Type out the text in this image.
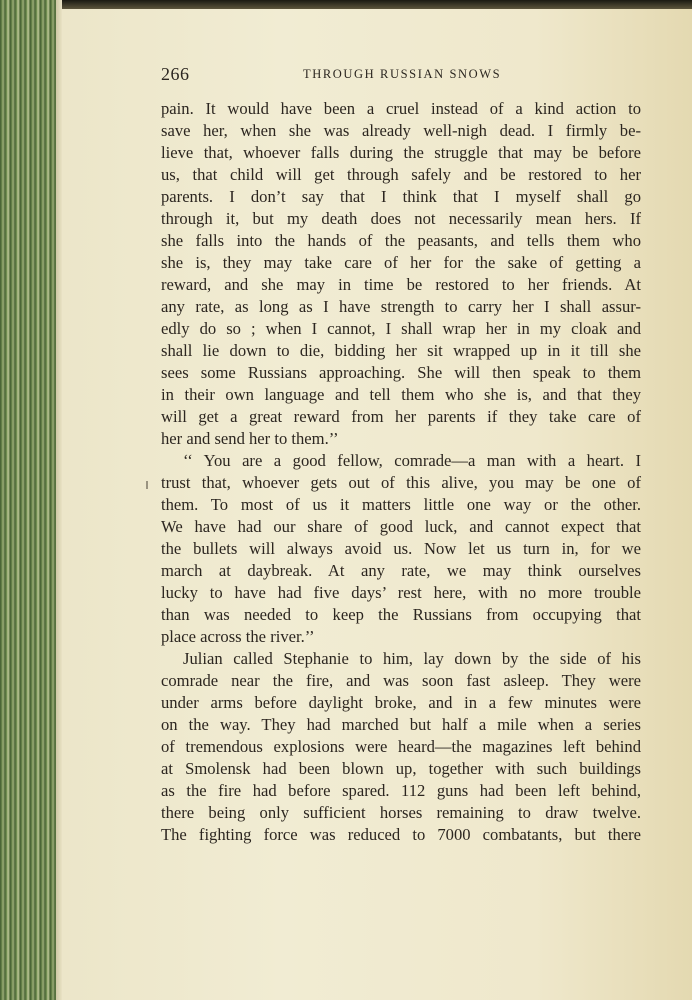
266	THROUGH RUSSIAN SNOWS
pain. It would have been a cruel instead of a kind action to
save her, when she was already well-nigh dead. I firmly be-
lieve that, whoever falls during the struggle that may be before
us, that child will get through safely and be restored to her
parents. I don’t say that I think that I myself shall go
through it, but my death does not necessarily mean hers. If
she falls into the hands of the peasants, and tells them who
she is, they may take care of her for the sake of getting a
reward, and she may in time be restored to her friends. At
any rate, as long as I have strength to carry her I shall assur-
edly do so ; when I cannot, I shall wrap her in my cloak and
shall lie down to die, bidding her sit wrapped up in it till she
sees some Russians approaching. She will then speak to them
in their own language and tell them who she is, and that they
will get a great reward from her parents if they take care of
her and send her to them.’’
‘‘ You are a good fellow, comrade—a man with a heart. I
trust that, whoever gets out of this alive, you may be one of
them. To most of us it matters little one way or the other.
We have had our share of good luck, and cannot expect that
the bullets will always avoid us. Now let us turn in, for we
march at daybreak. At any rate, we may think ourselves
lucky to have had five days’ rest here, with no more trouble
than was needed to keep the Russians from occupying that
place across the river.’’
Julian called Stephanie to him, lay down by the side of his
comrade near the fire, and was soon fast asleep. They were
under arms before daylight broke, and in a few minutes were
on the way. They had marched but half a mile when a series
of tremendous explosions were heard—the magazines left behind
at Smolensk had been blown up, together with such buildings
as the fire had before spared. 112 guns had been left behind,
there being only sufficient horses remaining to draw twelve.
The fighting force was reduced to 7000 combatants, but there
